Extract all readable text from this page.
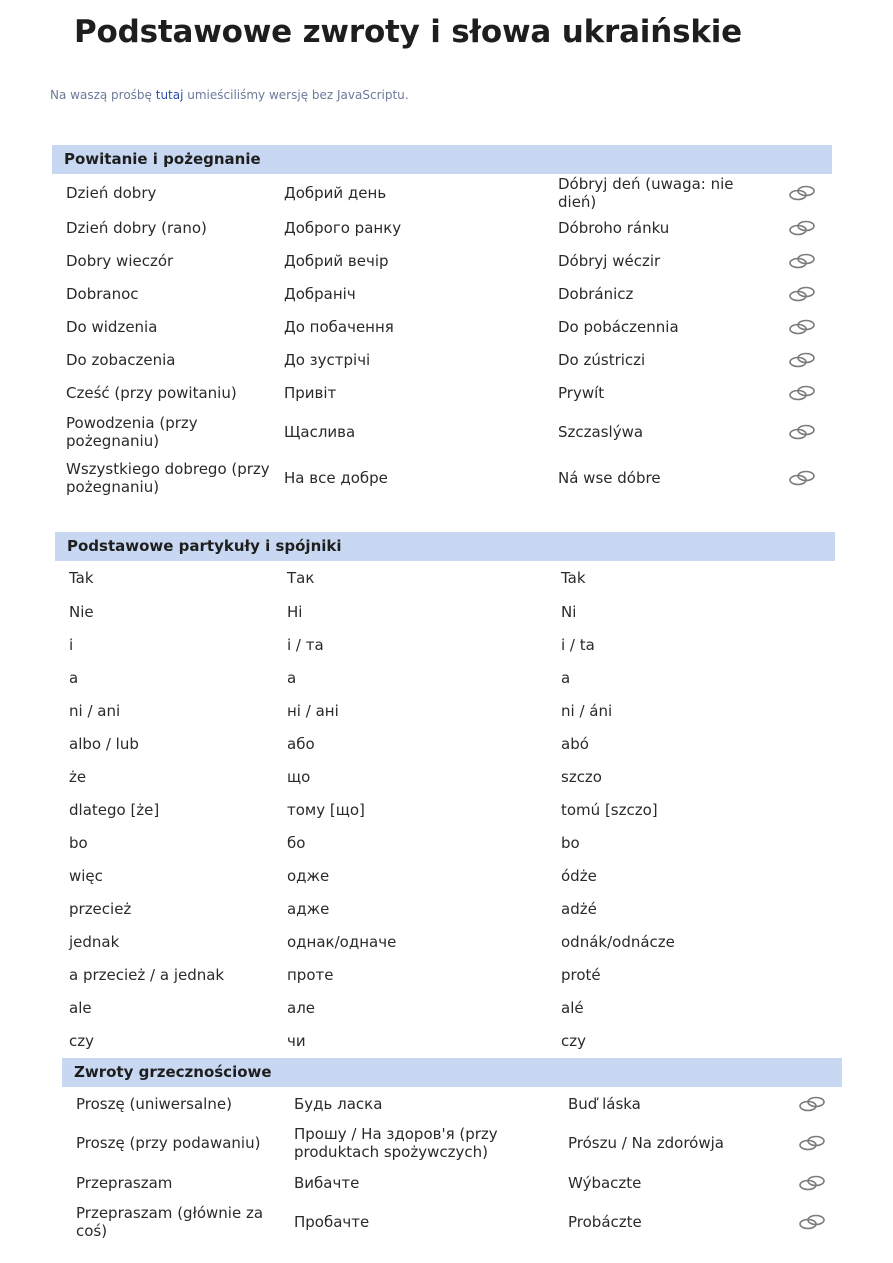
Podstawowe zwroty i słowa ukraińskie
Na waszą prośbę tutaj umieściliśmy wersję bez JavaScriptu.
Powitanie i pożegnanie
Dzień dobry	Добрий день	Dóbryj deń (uwaga: nie dień)
Dzień dobry (rano)	Доброго ранку	Dóbroho ránku
Dobry wieczór	Добрий вечір	Dóbryj wéczir
Dobranoc	Добраніч	Dobránicz
Do widzenia	До побачення	Do pobáczennia
Do zobaczenia	До зустрічі	Do zústriczi
Cześć (przy powitaniu)	Привіт	Prywít
Powodzenia (przy pożegnaniu)	Щаслива	Szczaslýwa
Wszystkiego dobrego (przy pożegnaniu)	На все добре	Ná wse dóbre
Podstawowe partykuły i spójniki
Tak	Так	Tak
Nie	Ні	Ni
i	і / та	i / ta
a	а	a
ni / ani	ні / ані	ni / áni
albo / lub	або	abó
że	що	szczo
dlatego [że]	тому [що]	tomú [szczo]
bo	бо	bo
więc	одже	ódże
przecież	адже	adżé
jednak	однак/одначе	odnák/odnácze
a przecież / a jednak	проте	proté
ale	але	alé
czy	чи	czy
Zwroty grzecznościowe
Proszę (uniwersalne)	Будь ласка	Buď láska
Proszę (przy podawaniu)	Прошу / На здоров'я (przy produktach spożywczych)	Prószu / Na zdorówja
Przepraszam	Вибачте	Wýbaczte
Przepraszam (głównie za coś)	Пробачте	Probáczte
